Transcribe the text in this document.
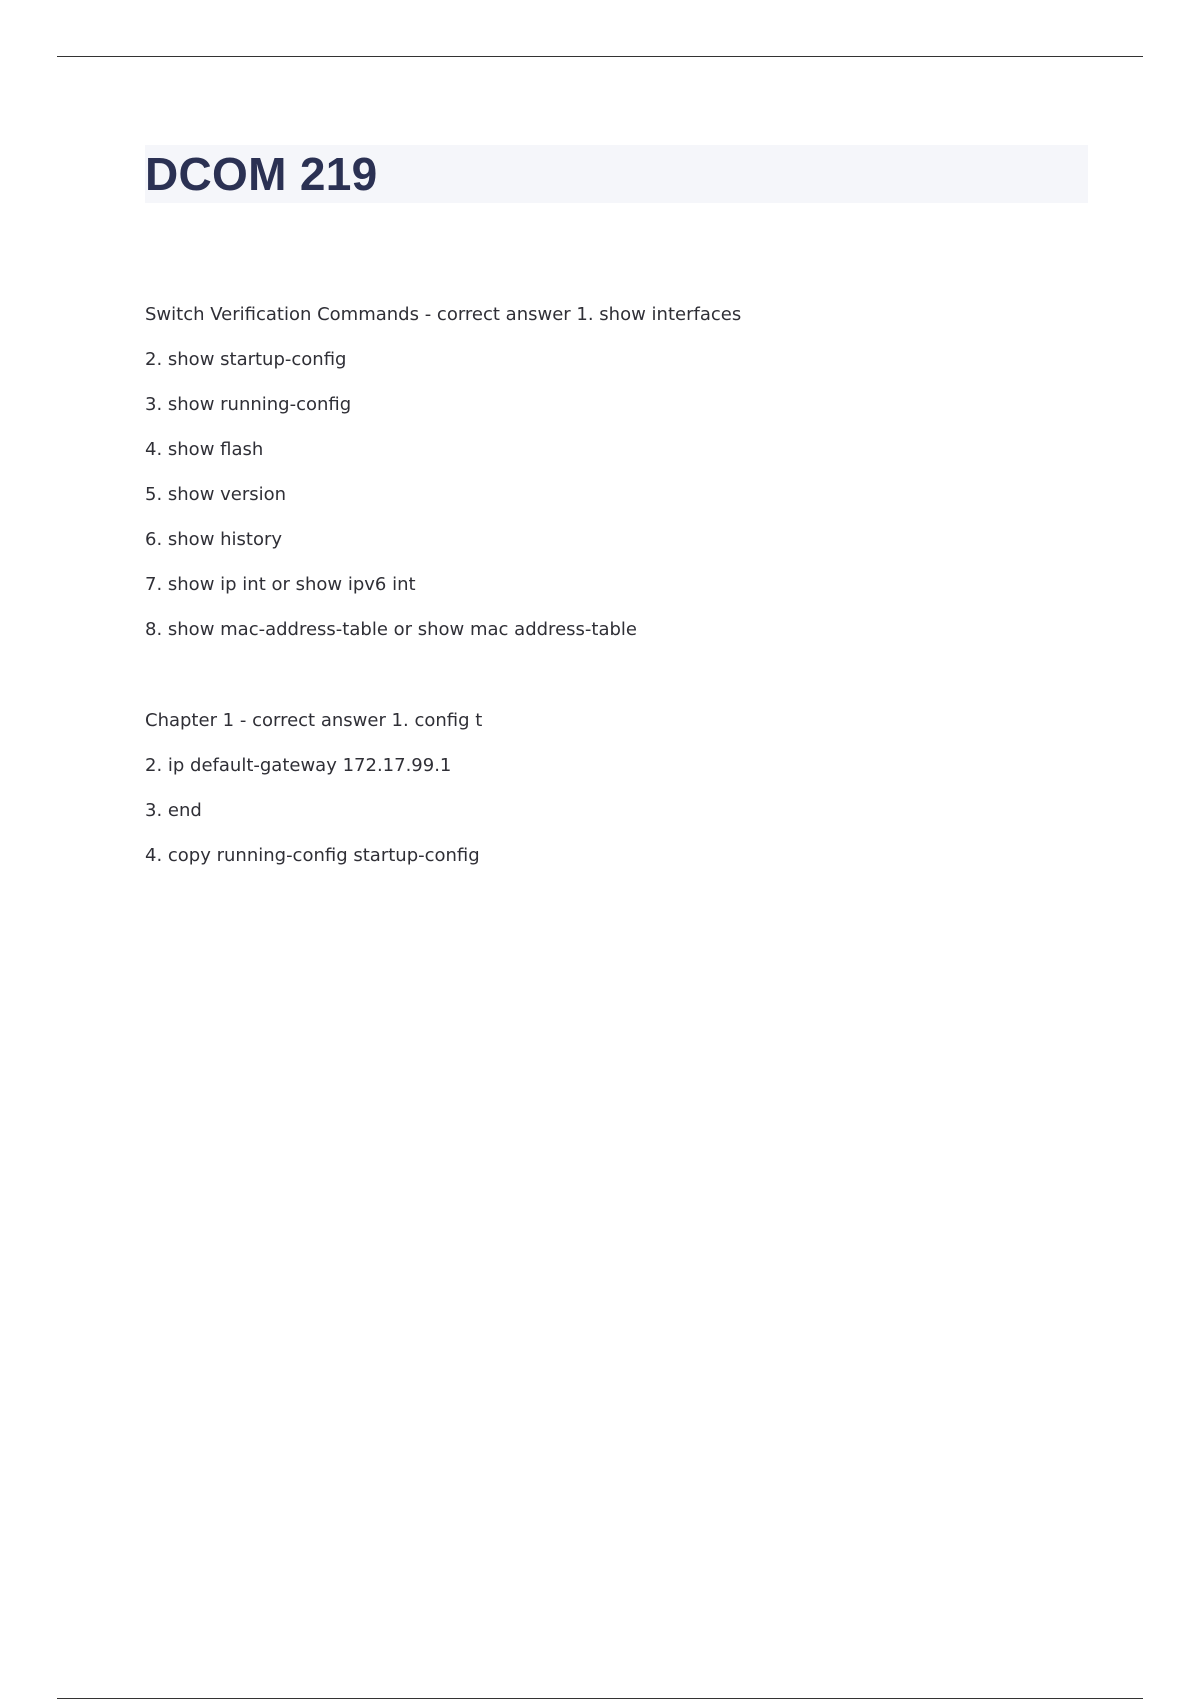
DCOM 219
Switch Verification Commands - correct answer 1. show interfaces
2. show startup-config
3. show running-config
4. show flash
5. show version
6. show history
7. show ip int or show ipv6 int
8. show mac-address-table or show mac address-table
Chapter 1 - correct answer 1. config t
2. ip default-gateway 172.17.99.1
3. end
4. copy running-config startup-config
